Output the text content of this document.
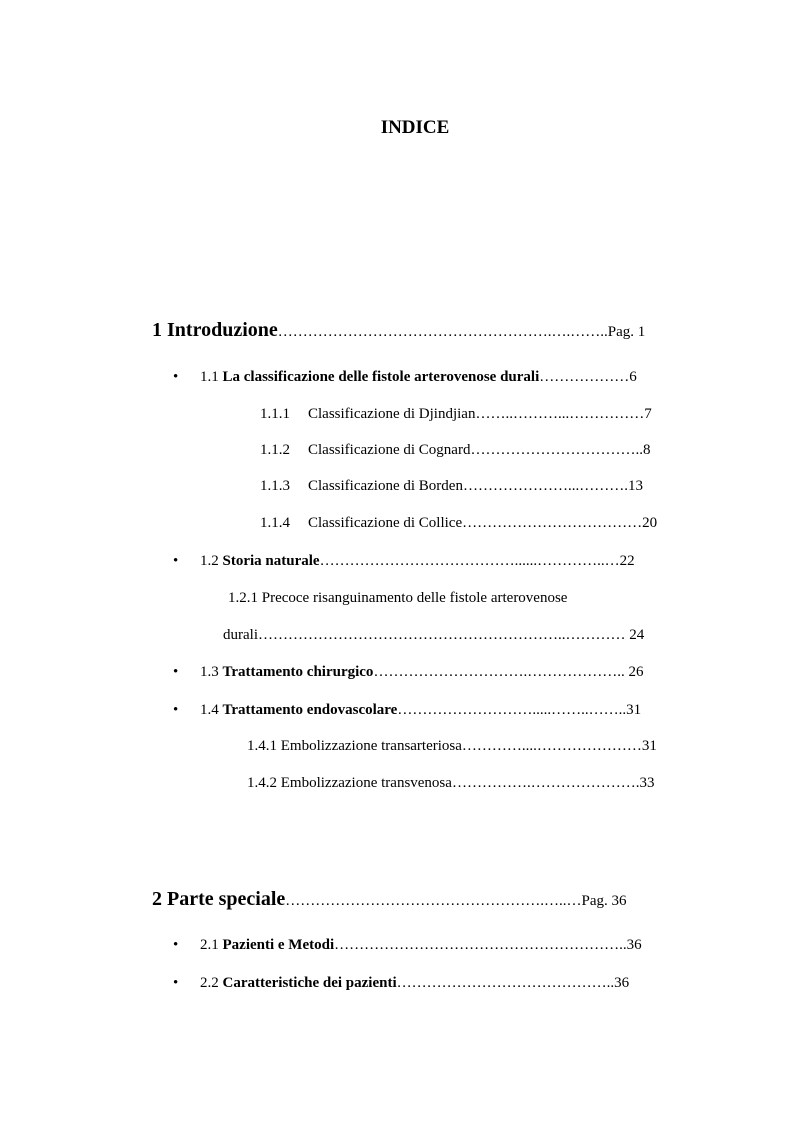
INDICE
1 Introduzione……………………………………………….….……..Pag. 1
• 1.1 La classificazione delle fistole arterovenose durali………………6
1.1.1 Classificazione di Djindjian……..………...……………7
1.1.2 Classificazione di Cognard……………………………..8
1.1.3 Classificazione di Borden…………………...……….13
1.1.4 Classificazione di Collice………………………………20
• 1.2 Storia naturale…………………………………......…………..…22
1.2.1 Precoce risanguinamento delle fistole arterovenose
durali……………………………………………………..………… 24
• 1.3 Trattamento chirurgico………………………….……………….. 26
• 1.4 Trattamento endovascolare……………………….....……..……..31
1.4.1 Embolizzazione transarteriosa…………....…………………31
1.4.2 Embolizzazione transvenosa…………….………………….33
2 Parte speciale…………………………………………….…..…Pag. 36
• 2.1 Pazienti e Metodi…………………………………………………..36
• 2.2 Caratteristiche dei pazienti……………………………………..36
